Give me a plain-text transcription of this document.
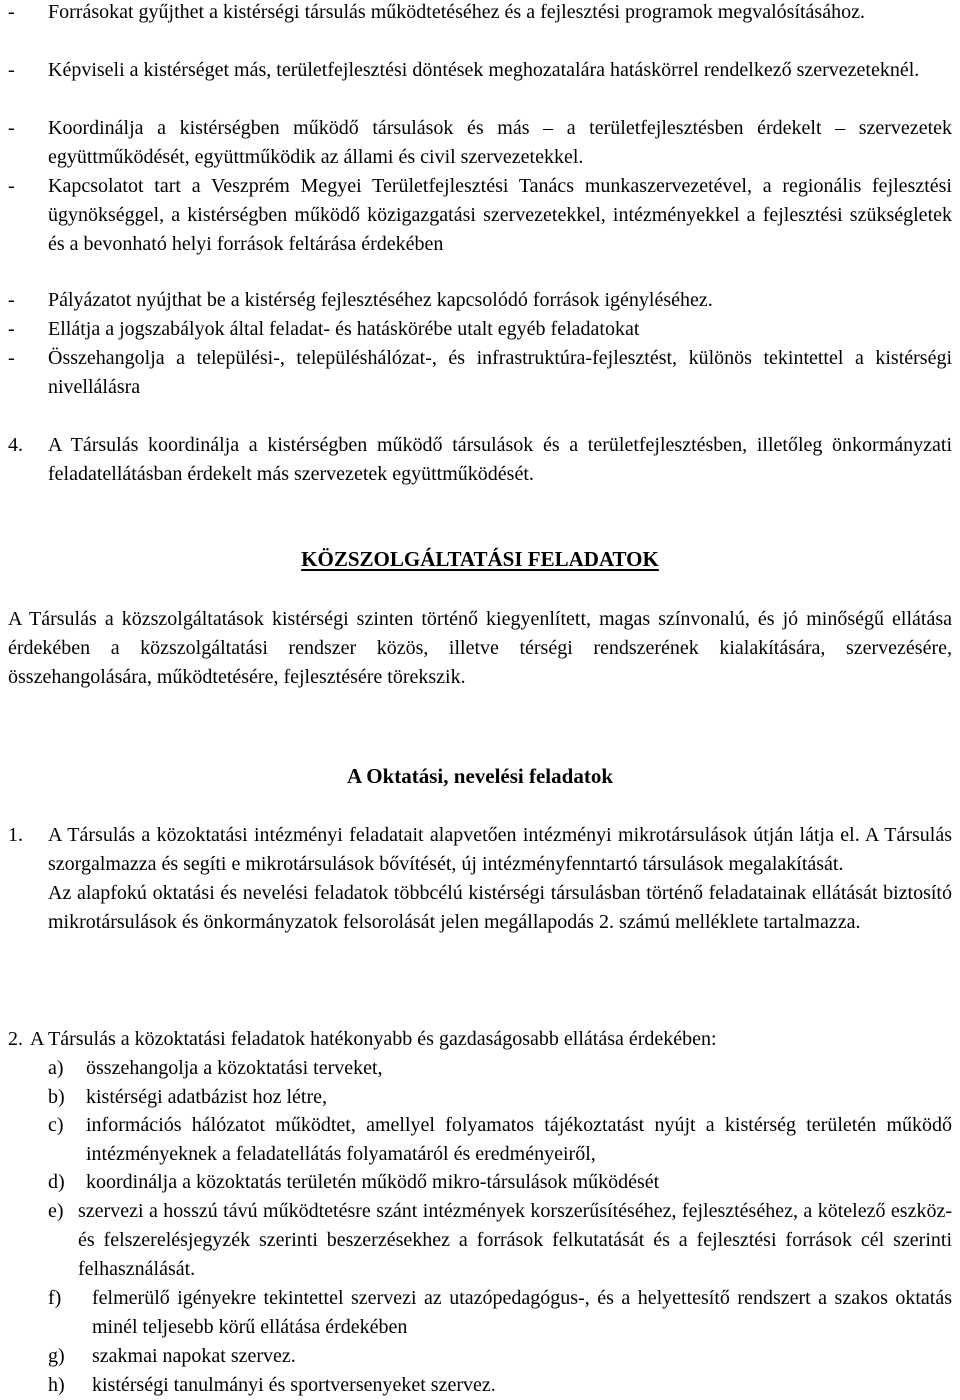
- Forrásokat gyűjthet a kistérségi társulás működtetéséhez és a fejlesztési programok megvalósításához.
- Képviseli a kistérséget más, területfejlesztési döntések meghozatalára hatáskörrel rendelkező szervezeteknél.
- Koordinálja a kistérségben működő társulások és más – a területfejlesztésben érdekelt – szervezetek együttműködését, együttműködik az állami és civil szervezetekkel.
- Kapcsolatot tart a Veszprém Megyei Területfejlesztési Tanács munkaszervezetével, a regionális fejlesztési ügynökséggel, a kistérségben működő közigazgatási szervezetekkel, intézményekkel a fejlesztési szükségletek és a bevonható helyi források feltárása érdekében
- Pályázatot nyújthat be a kistérség fejlesztéséhez kapcsolódó források igényléséhez.
- Ellátja a jogszabályok által feladat- és hatáskörébe utalt egyéb feladatokat
- Összehangolja a települési-, településhálózat-, és infrastruktúra-fejlesztést, különös tekintettel a kistérségi nivellálásra
4. A Társulás koordinálja a kistérségben működő társulások és a területfejlesztésben, illetőleg önkormányzati feladatellátásban érdekelt más szervezetek együttműködését.
KÖZSZOLGÁLTATÁSI FELADATOK
A Társulás a közszolgáltatások kistérségi szinten történő kiegyenlített, magas színvonalú, és jó minőségű ellátása érdekében a közszolgáltatási rendszer közös, illetve térségi rendszerének kialakítására, szervezésére, összehangolására, működtetésére, fejlesztésére törekszik.
A Oktatási, nevelési feladatok
1. A Társulás a közoktatási intézményi feladatait alapvetően intézményi mikrotársulások útján látja el. A Társulás szorgalmazza és segíti e mikrotársulások bővítését, új intézményfenntartó társulások megalakítását.
Az alapfokú oktatási és nevelési feladatok többcélú kistérségi társulásban történő feladatainak ellátását biztosító mikrotársulások és önkormányzatok felsorolását jelen megállapodás 2. számú melléklete tartalmazza.
2. A Társulás a közoktatási feladatok hatékonyabb és gazdaságosabb ellátása érdekében:
a) összehangolja a közoktatási terveket,
b) kistérségi adatbázist hoz létre,
c) információs hálózatot működtet, amellyel folyamatos tájékoztatást nyújt a kistérség területén működő intézményeknek a feladatellátás folyamatáról és eredményeiről,
d) koordinálja a közoktatás területén működő mikro-társulások működését
e) szervezi a hosszú távú működtetésre szánt intézmények korszerűsítéséhez, fejlesztéséhez, a kötelező eszköz- és felszerelésjegyzék szerinti beszerzésekhez a források felkutatását és a fejlesztési források cél szerinti felhasználását.
f) felmerülő igényekre tekintettel szervezi az utazópedagógus-, és a helyettesítő rendszert a szakos oktatás minél teljesebb körű ellátása érdekében
g) szakmai napokat szervez.
h) kistérségi tanulmányi és sportversenyeket szervez.
